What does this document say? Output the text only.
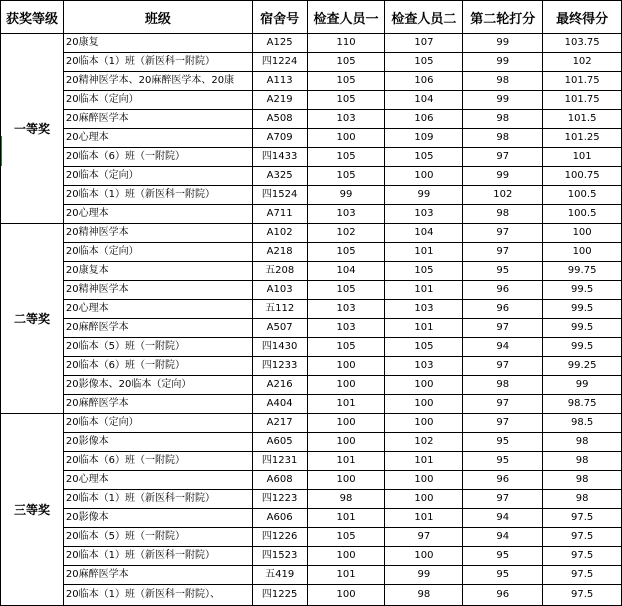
获奖等级	班级	宿舍号	检查人员一	检查人员二	第二轮打分	最终得分
一等奖	20康复	A125	110	107	99	103.75
	20临本（1）班（新医科一附院）	四1224	105	105	99	102
	20精神医学本、20麻醉医学本、20康	A113	105	106	98	101.75
	20临本（定向）	A219	105	104	99	101.75
	20麻醉医学本	A508	103	106	98	101.5
	20心理本	A709	100	109	98	101.25
	20临本（6）班（一附院）	四1433	105	105	97	101
	20临本（定向）	A325	105	100	99	100.75
	20临本（1）班（新医科一附院）	四1524	99	99	102	100.5
	20心理本	A711	103	103	98	100.5
二等奖	20精神医学本	A102	102	104	97	100
	20临本（定向）	A218	105	101	97	100
	20康复本	五208	104	105	95	99.75
	20精神医学本	A103	105	101	96	99.5
	20心理本	五112	103	103	96	99.5
	20麻醉医学本	A507	103	101	97	99.5
	20临本（5）班（一附院）	四1430	105	105	94	99.5
	20临本（6）班（一附院）	四1233	100	103	97	99.25
	20影像本、20临本（定向）	A216	100	100	98	99
	20麻醉医学本	A404	101	100	97	98.75
三等奖	20临本（定向）	A217	100	100	97	98.5
	20影像本	A605	100	102	95	98
	20临本（6）班（一附院）	四1231	101	101	95	98
	20心理本	A608	100	100	96	98
	20临本（1）班（新医科一附院）	四1223	98	100	97	98
	20影像本	A606	101	101	94	97.5
	20临本（5）班（一附院）	四1226	105	97	94	97.5
	20临本（1）班（新医科一附院）	四1523	100	100	95	97.5
	20麻醉医学本	五419	101	99	95	97.5
	20临本（1）班（新医科一附院）、	四1225	100	98	96	97.5
